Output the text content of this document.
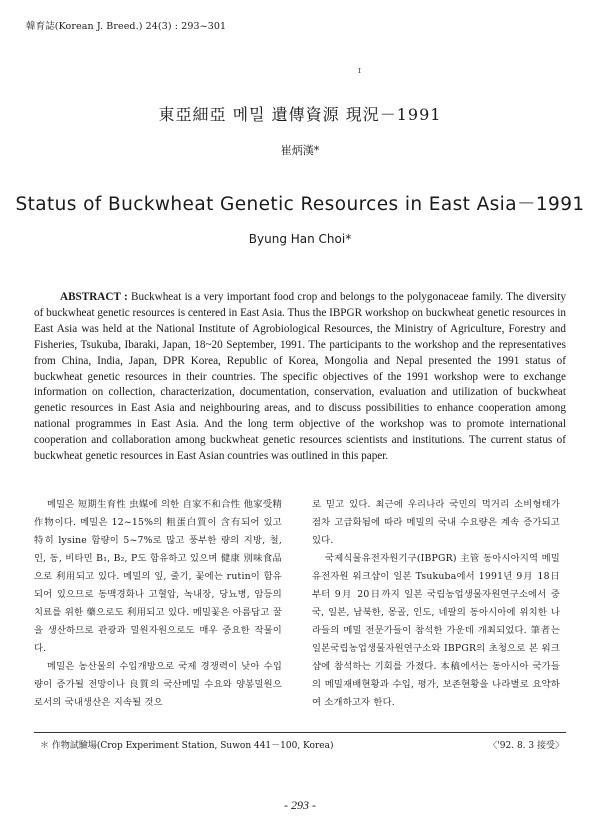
韓育誌(Korean J. Breed.) 24(3) : 293~301
ɪ
東亞細亞 메밀 遺傳資源 現況－1991
崔炳漢*
Status of Buckwheat Genetic Resources in East Asia－1991
Byung Han Choi*
ABSTRACT : Buckwheat is a very important food crop and belongs to the polygonaceae family. The diversity of buckwheat genetic resources is centered in East Asia. Thus the IBPGR workshop on buckwheat genetic resources in East Asia was held at the National Institute of Agrobiological Resources, the Ministry of Agriculture, Forestry and Fisheries, Tsukuba, Ibaraki, Japan, 18~20 September, 1991. The participants to the workshop and the representatives from China, India, Japan, DPR Korea, Republic of Korea, Mongolia and Nepal presented the 1991 status of buckwheat genetic resources in their countries. The specific objectives of the 1991 workshop were to exchange information on collection, characterization, documentation, conservation, evaluation and utilization of buckwheat genetic resources in East Asia and neighbouring areas, and to discuss possibilities to enhance cooperation among national programmes in East Asia. And the long term objective of the workshop was to promote international cooperation and collaboration among buckwheat genetic resources scientists and institutions. The current status of buckwheat genetic resources in East Asian countries was outlined in this paper.

메밀은 短期生育性 虫媒에 의한 自家不和合性 他家受精作物이다. 메밀은 12~15%의 粗蛋白質이 含有되어 있고 特히 lysine 함량이 5~7%로 많고 풍부한 량의 지방, 철, 인, 동, 비타민 B₁, B₂, P도 함유하고 있으며 健康 別味食品으로 利用되고 있다. 메밀의 잎, 줄기, 꽃에는 rutin이 함유되어 있으므로 동맥경화나 고혈압, 녹내장, 당뇨병, 암등의 치료를 위한 藥으로도 利用되고 있다. 메밀꽃은 아름답고 꿀을 생산하므로 관광과 밀원자원으로도 매우 중요한 작물이다.

메밀은 농산물의 수입개방으로 국제 경쟁력이 낮아 수입량이 증가될 전망이나 良質의 국산메밀 수요와 양봉밀원으로서의 국내생산은 지속될 것으

로 믿고 있다. 최근에 우리나라 국민의 먹거리 소비형태가 점차 고급화됨에 따라 메밀의 국내 수요량은 계속 증가되고 있다.

국제식물유전자원기구(IBPGR) 主管 동아시아지역 메밀 유전자원 워크샵이 일본 Tsukuba에서 1991년 9月 18日부터 9月 20日까지 일본 국립농업생물자원연구소에서 중국, 일본, 남북한, 몽골, 인도, 네팔의 동아시아에 위치한 나라들의 메밀 전문가들이 참석한 가운데 개최되었다. 筆者는 일본국립농업생물자원연구소와 IBPGR의 초청으로 본 워크샵에 참석하는 기회를 가졌다. 本稿에서는 동아시아 국가들의 메밀재배현황과 수입, 평가, 보존현황을 나라별로 요약하여 소개하고자 한다.

＊ 作物試驗場(Crop Experiment Station, Suwon 441－100, Korea)	〈'92. 8. 3 接受〉
- 293 -
